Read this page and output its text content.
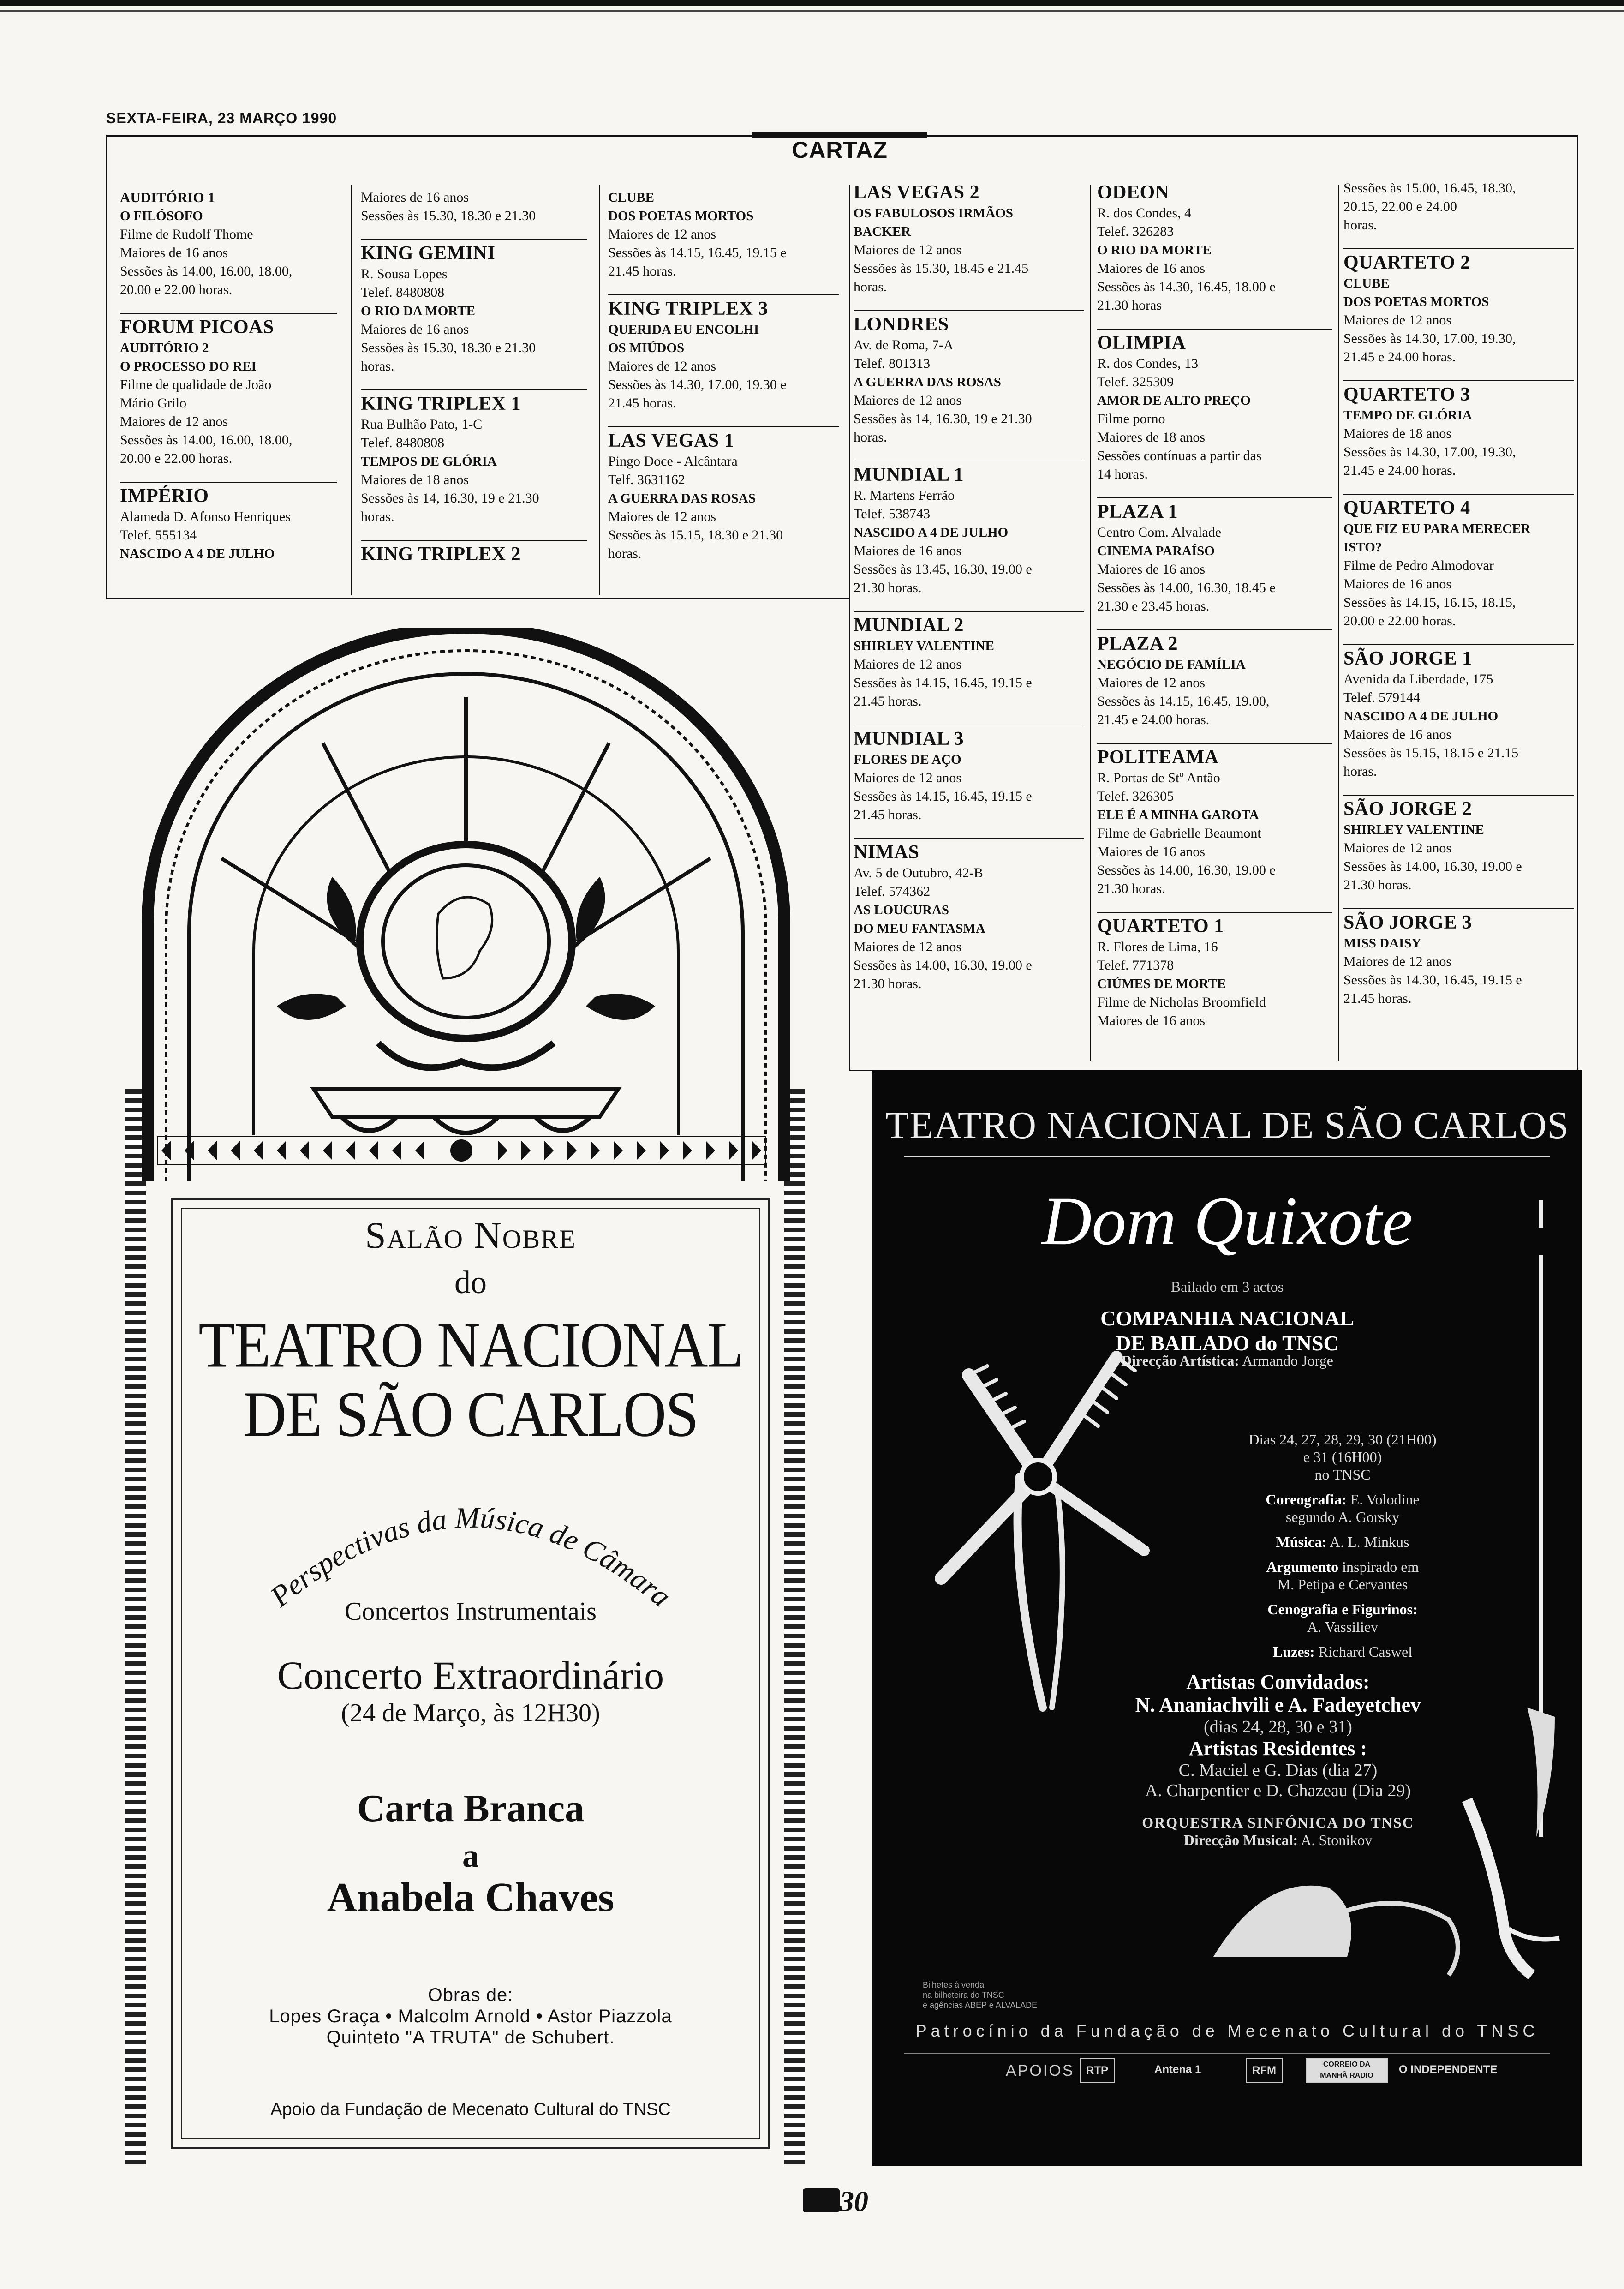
SEXTA-FEIRA, 23 MARÇO 1990
CARTAZ
AUDITÓRIO 1
O FILÓSOFO
Filme de Rudolf Thome
Maiores de 16 anos
Sessões às 14.00, 16.00, 18.00,
20.00 e 22.00 horas.
FORUM PICOAS
AUDITÓRIO 2
O PROCESSO DO REI
Filme de qualidade de João
Mário Grilo
Maiores de 12 anos
Sessões às 14.00, 16.00, 18.00,
20.00 e 22.00 horas.
IMPÉRIO
Alameda D. Afonso Henriques
Telef. 555134
NASCIDO A 4 DE JULHO
Maiores de 16 anos
Sessões às 15.30, 18.30 e 21.30
KING GEMINI
R. Sousa Lopes
Telef. 8480808
O RIO DA MORTE
Maiores de 16 anos
Sessões às 15.30, 18.30 e 21.30
horas.
KING TRIPLEX 1
Rua Bulhão Pato, 1-C
Telef. 8480808
TEMPOS DE GLÓRIA
Maiores de 18 anos
Sessões às 14, 16.30, 19 e 21.30
horas.
KING TRIPLEX 2
CLUBE
DOS POETAS MORTOS
Maiores de 12 anos
Sessões às 14.15, 16.45, 19.15 e
21.45 horas.
KING TRIPLEX 3
QUERIDA EU ENCOLHI
OS MIÚDOS
Maiores de 12 anos
Sessões às 14.30, 17.00, 19.30 e
21.45 horas.
LAS VEGAS 1
Pingo Doce - Alcântara
Telf. 3631162
A GUERRA DAS ROSAS
Maiores de 12 anos
Sessões às 15.15, 18.30 e 21.30
horas.
LAS VEGAS 2
OS FABULOSOS IRMÃOS
BACKER
Maiores de 12 anos
Sessões às 15.30, 18.45 e 21.45
horas.
LONDRES
Av. de Roma, 7-A
Telef. 801313
A GUERRA DAS ROSAS
Maiores de 12 anos
Sessões às 14, 16.30, 19 e 21.30
horas.
MUNDIAL 1
R. Martens Ferrão
Telef. 538743
NASCIDO A 4 DE JULHO
Maiores de 16 anos
Sessões às 13.45, 16.30, 19.00 e
21.30 horas.
MUNDIAL 2
SHIRLEY VALENTINE
Maiores de 12 anos
Sessões às 14.15, 16.45, 19.15 e
21.45 horas.
MUNDIAL 3
FLORES DE AÇO
Maiores de 12 anos
Sessões às 14.15, 16.45, 19.15 e
21.45 horas.
NIMAS
Av. 5 de Outubro, 42-B
Telef. 574362
AS LOUCURAS
DO MEU FANTASMA
Maiores de 12 anos
Sessões às 14.00, 16.30, 19.00 e
21.30 horas.
ODEON
R. dos Condes, 4
Telef. 326283
O RIO DA MORTE
Maiores de 16 anos
Sessões às 14.30, 16.45, 18.00 e
21.30 horas
OLIMPIA
R. dos Condes, 13
Telef. 325309
AMOR DE ALTO PREÇO
Filme porno
Maiores de 18 anos
Sessões contínuas a partir das
14 horas.
PLAZA 1
Centro Com. Alvalade
CINEMA PARAÍSO
Maiores de 16 anos
Sessões às 14.00, 16.30, 18.45 e
21.30 e 23.45 horas.
PLAZA 2
NEGÓCIO DE FAMÍLIA
Maiores de 12 anos
Sessões às 14.15, 16.45, 19.00,
21.45 e 24.00 horas.
POLITEAMA
R. Portas de Stº Antão
Telef. 326305
ELE É A MINHA GAROTA
Filme de Gabrielle Beaumont
Maiores de 16 anos
Sessões às 14.00, 16.30, 19.00 e
21.30 horas.
QUARTETO 1
R. Flores de Lima, 16
Telef. 771378
CIÚMES DE MORTE
Filme de Nicholas Broomfield
Maiores de 16 anos
Sessões às 15.00, 16.45, 18.30,
20.15, 22.00 e 24.00
horas.
QUARTETO 2
CLUBE
DOS POETAS MORTOS
Maiores de 12 anos
Sessões às 14.30, 17.00, 19.30,
21.45 e 24.00 horas.
QUARTETO 3
TEMPO DE GLÓRIA
Maiores de 18 anos
Sessões às 14.30, 17.00, 19.30,
21.45 e 24.00 horas.
QUARTETO 4
QUE FIZ EU PARA MERECER
ISTO?
Filme de Pedro Almodovar
Maiores de 16 anos
Sessões às 14.15, 16.15, 18.15,
20.00 e 22.00 horas.
SÃO JORGE 1
Avenida da Liberdade, 175
Telef. 579144
NASCIDO A 4 DE JULHO
Maiores de 16 anos
Sessões às 15.15, 18.15 e 21.15
horas.
SÃO JORGE 2
SHIRLEY VALENTINE
Maiores de 12 anos
Sessões às 14.00, 16.30, 19.00 e
21.30 horas.
SÃO JORGE 3
MISS DAISY
Maiores de 12 anos
Sessões às 14.30, 16.45, 19.15 e
21.45 horas.
Salão Nobre
do
TEATRO NACIONAL
DE SÃO CARLOS
Perspectivas da Música de Câmara
Concertos Instrumentais
Concerto Extraordinário
(24 de Março, às 12H30)
Carta Branca
a
Anabela Chaves
Obras de:
Lopes Graça • Malcolm Arnold • Astor Piazzola
Quinteto "A TRUTA" de Schubert.
Apoio da Fundação de Mecenato Cultural do TNSC
TEATRO NACIONAL DE SÃO CARLOS
Dom Quixote
Bailado em 3 actos
COMPANHIA NACIONAL
DE BAILADO do TNSC
Direcção Artística: Armando Jorge
Dias 24, 27, 28, 29, 30 (21H00)
e 31 (16H00)
no TNSC
Coreografia: E. Volodine
segundo A. Gorsky
Música: A. L. Minkus
Argumento inspirado em
M. Petipa e Cervantes
Cenografia e Figurinos:
A. Vassiliev
Luzes: Richard Caswel
Artistas Convidados:
N. Ananiachvili e A. Fadeyetchev
(dias 24, 28, 30 e 31)
Artistas Residentes :
C. Maciel e G. Dias (dia 27)
A. Charpentier e D. Chazeau (Dia 29)
ORQUESTRA SINFÓNICA DO TNSC
Direcção Musical: A. Stonikov
Bilhetes à venda
na bilheteira do TNSC
e agências ABEP e ALVALADE
Patrocínio da Fundação de Mecenato Cultural do TNSC
APOIOS	RTP	Antena 1	RFM	CORREIO DA MANHÃ RADIO	O INDEPENDENTE
30
